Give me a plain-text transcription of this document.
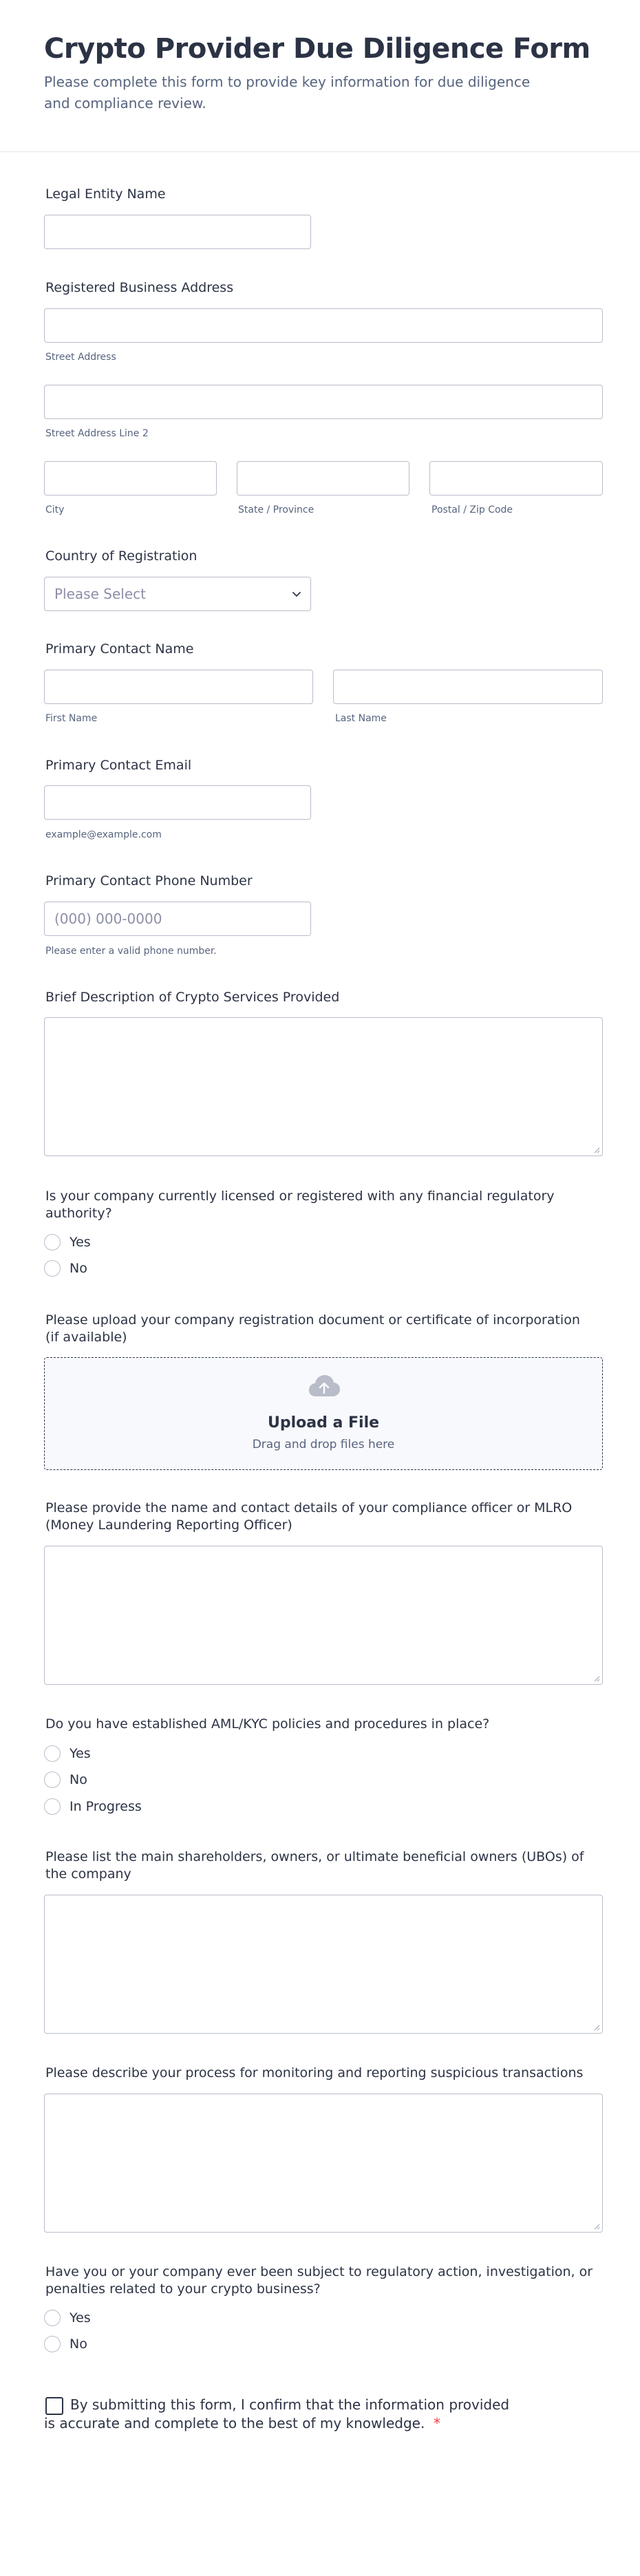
Crypto Provider Due Diligence Form
Please complete this form to provide key information for due diligence and compliance review.
Legal Entity Name
Registered Business Address
Street Address
Street Address Line 2
City	State / Province	Postal / Zip Code
Country of Registration
Please Select
Primary Contact Name
First Name	Last Name
Primary Contact Email
example@example.com
Primary Contact Phone Number
(000) 000-0000
Please enter a valid phone number.
Brief Description of Crypto Services Provided
Is your company currently licensed or registered with any financial regulatory authority?
Yes
No
Please upload your company registration document or certificate of incorporation (if available)
Upload a File
Drag and drop files here
Please provide the name and contact details of your compliance officer or MLRO (Money Laundering Reporting Officer)
Do you have established AML/KYC policies and procedures in place?
Yes
No
In Progress
Please list the main shareholders, owners, or ultimate beneficial owners (UBOs) of the company
Please describe your process for monitoring and reporting suspicious transactions
Have you or your company ever been subject to regulatory action, investigation, or penalties related to your crypto business?
Yes
No
By submitting this form, I confirm that the information provided is accurate and complete to the best of my knowledge. *
